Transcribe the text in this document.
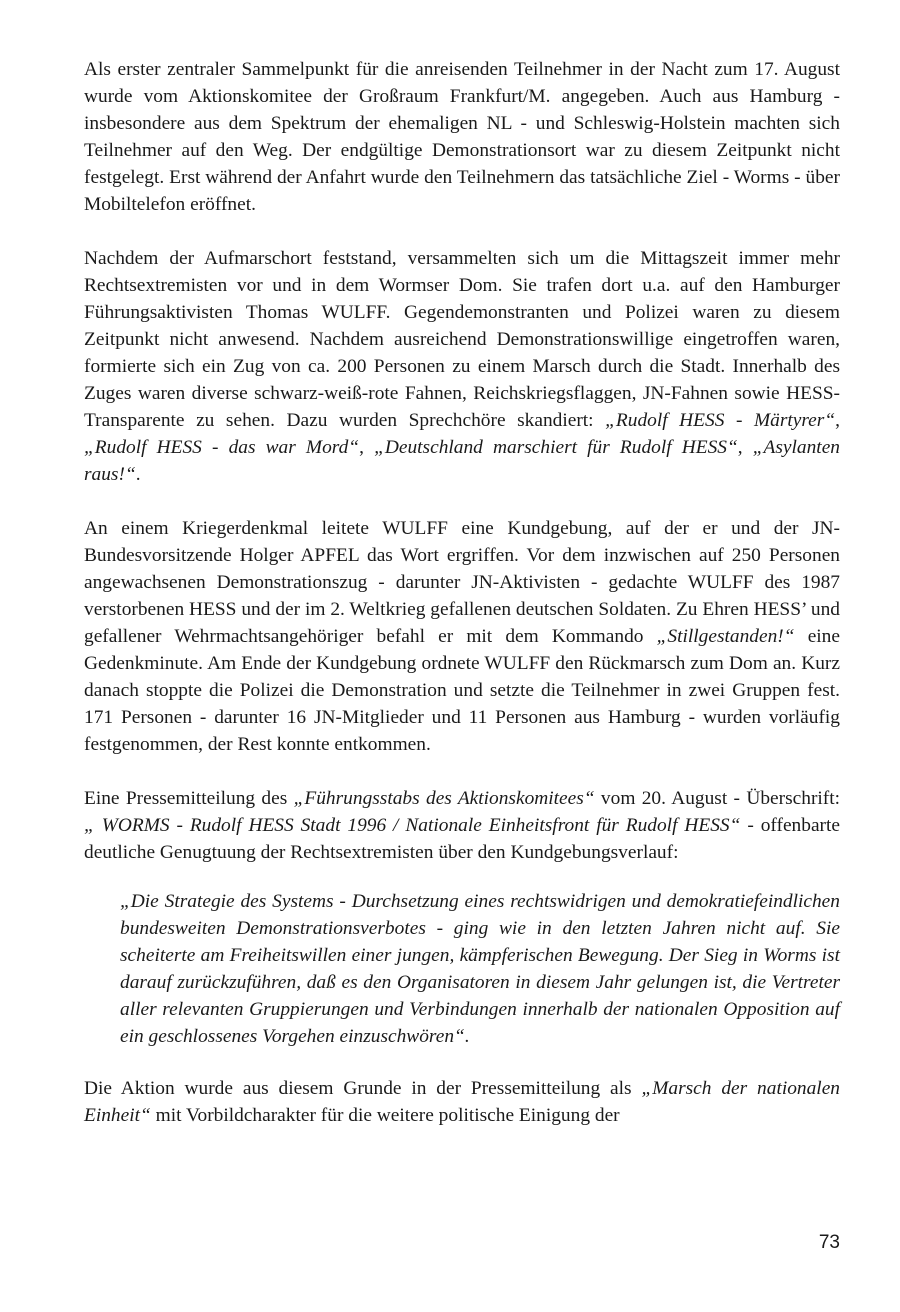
Als erster zentraler Sammelpunkt für die anreisenden Teilnehmer in der Nacht zum 17. August wurde vom Aktionskomitee der Großraum Frankfurt/M. angegeben. Auch aus Hamburg - insbesondere aus dem Spektrum der ehemaligen NL - und Schleswig-Holstein machten sich Teilnehmer auf den Weg. Der endgültige Demonstrationsort war zu diesem Zeitpunkt nicht festgelegt. Erst während der Anfahrt wurde den Teilnehmern das tatsächliche Ziel - Worms - über Mobiltelefon eröffnet.

Nachdem der Aufmarschort feststand, versammelten sich um die Mittagszeit immer mehr Rechtsextremisten vor und in dem Wormser Dom. Sie trafen dort u.a. auf den Hamburger Führungsaktivisten Thomas WULFF. Gegendemonstranten und Polizei waren zu diesem Zeitpunkt nicht anwesend. Nachdem ausreichend Demonstrationswillige eingetroffen waren, formierte sich ein Zug von ca. 200 Personen zu einem Marsch durch die Stadt. Innerhalb des Zuges waren diverse schwarz-weiß-rote Fahnen, Reichskriegsflaggen, JN-Fahnen sowie HESS-Transparente zu sehen. Dazu wurden Sprechchöre skandiert: „Rudolf HESS - Märtyrer“, „Rudolf HESS - das war Mord“, „Deutschland marschiert für Rudolf HESS“, „Asylanten raus!“.

An einem Kriegerdenkmal leitete WULFF eine Kundgebung, auf der er und der JN-Bundesvorsitzende Holger APFEL das Wort ergriffen. Vor dem inzwischen auf 250 Personen angewachsenen Demonstrationszug - darunter JN-Aktivisten - gedachte WULFF des 1987 verstorbenen HESS und der im 2. Weltkrieg gefallenen deutschen Soldaten. Zu Ehren HESS’ und gefallener Wehrmachtsangehöriger befahl er mit dem Kommando „Stillgestanden!“ eine Gedenkminute. Am Ende der Kundgebung ordnete WULFF den Rückmarsch zum Dom an. Kurz danach stoppte die Polizei die Demonstration und setzte die Teilnehmer in zwei Gruppen fest. 171 Personen - darunter 16 JN-Mitglieder und 11 Personen aus Hamburg - wurden vorläufig festgenommen, der Rest konnte entkommen.

Eine Pressemitteilung des „Führungsstabs des Aktionskomitees“ vom 20. August - Überschrift: „ WORMS - Rudolf HESS Stadt 1996 / Nationale Einheitsfront für Rudolf HESS“ - offenbarte deutliche Genugtuung der Rechtsextremisten über den Kundgebungsverlauf:

„Die Strategie des Systems - Durchsetzung eines rechtswidrigen und demokratiefeindlichen bundesweiten Demonstrationsverbotes - ging wie in den letzten Jahren nicht auf. Sie scheiterte am Freiheitswillen einer jungen, kämpferischen Bewegung. Der Sieg in Worms ist darauf zurückzuführen, daß es den Organisatoren in diesem Jahr gelungen ist, die Vertreter aller relevanten Gruppierungen und Verbindungen innerhalb der nationalen Opposition auf ein geschlossenes Vorgehen einzuschwören“.

Die Aktion wurde aus diesem Grunde in der Pressemitteilung als „Marsch der nationalen Einheit“ mit Vorbildcharakter für die weitere politische Einigung der

73
